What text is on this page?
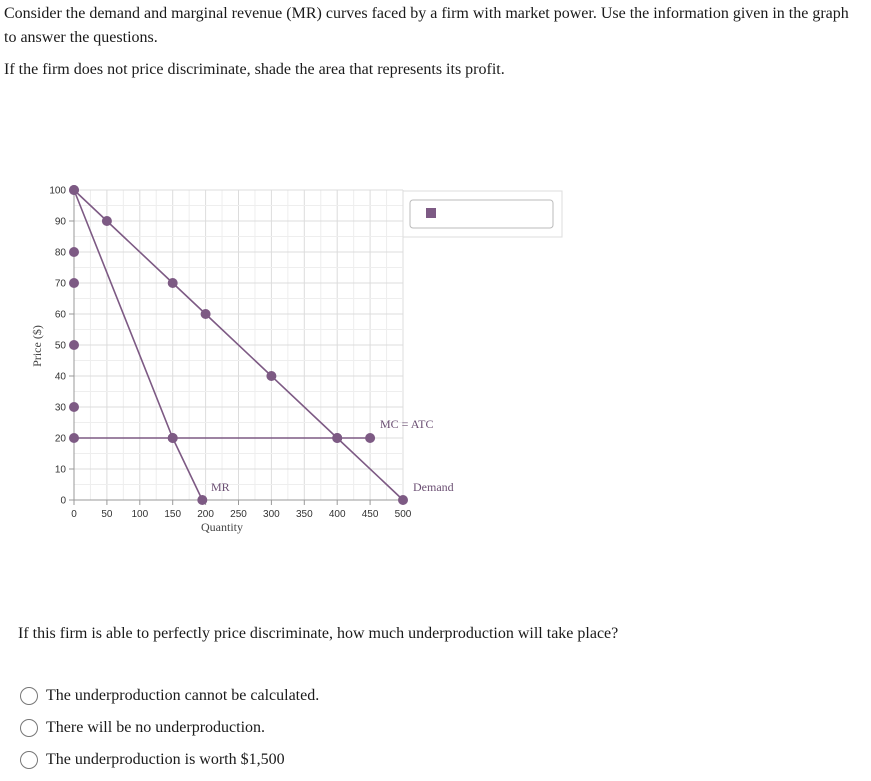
Consider the demand and marginal revenue (MR) curves faced by a firm with market power. Use the information given in the graph to answer the questions.

If the firm does not price discriminate, shade the area that represents its profit.

0
10
20
30
40
50
60
70
80
90
100
0 50 100 150 200 250 300 350 400 450 500
Price ($)
Quantity
MR	Demand
MC = ATC

If this firm is able to perfectly price discriminate, how much underproduction will take place?

The underproduction cannot be calculated.
There will be no underproduction.
The underproduction is worth $1,500
